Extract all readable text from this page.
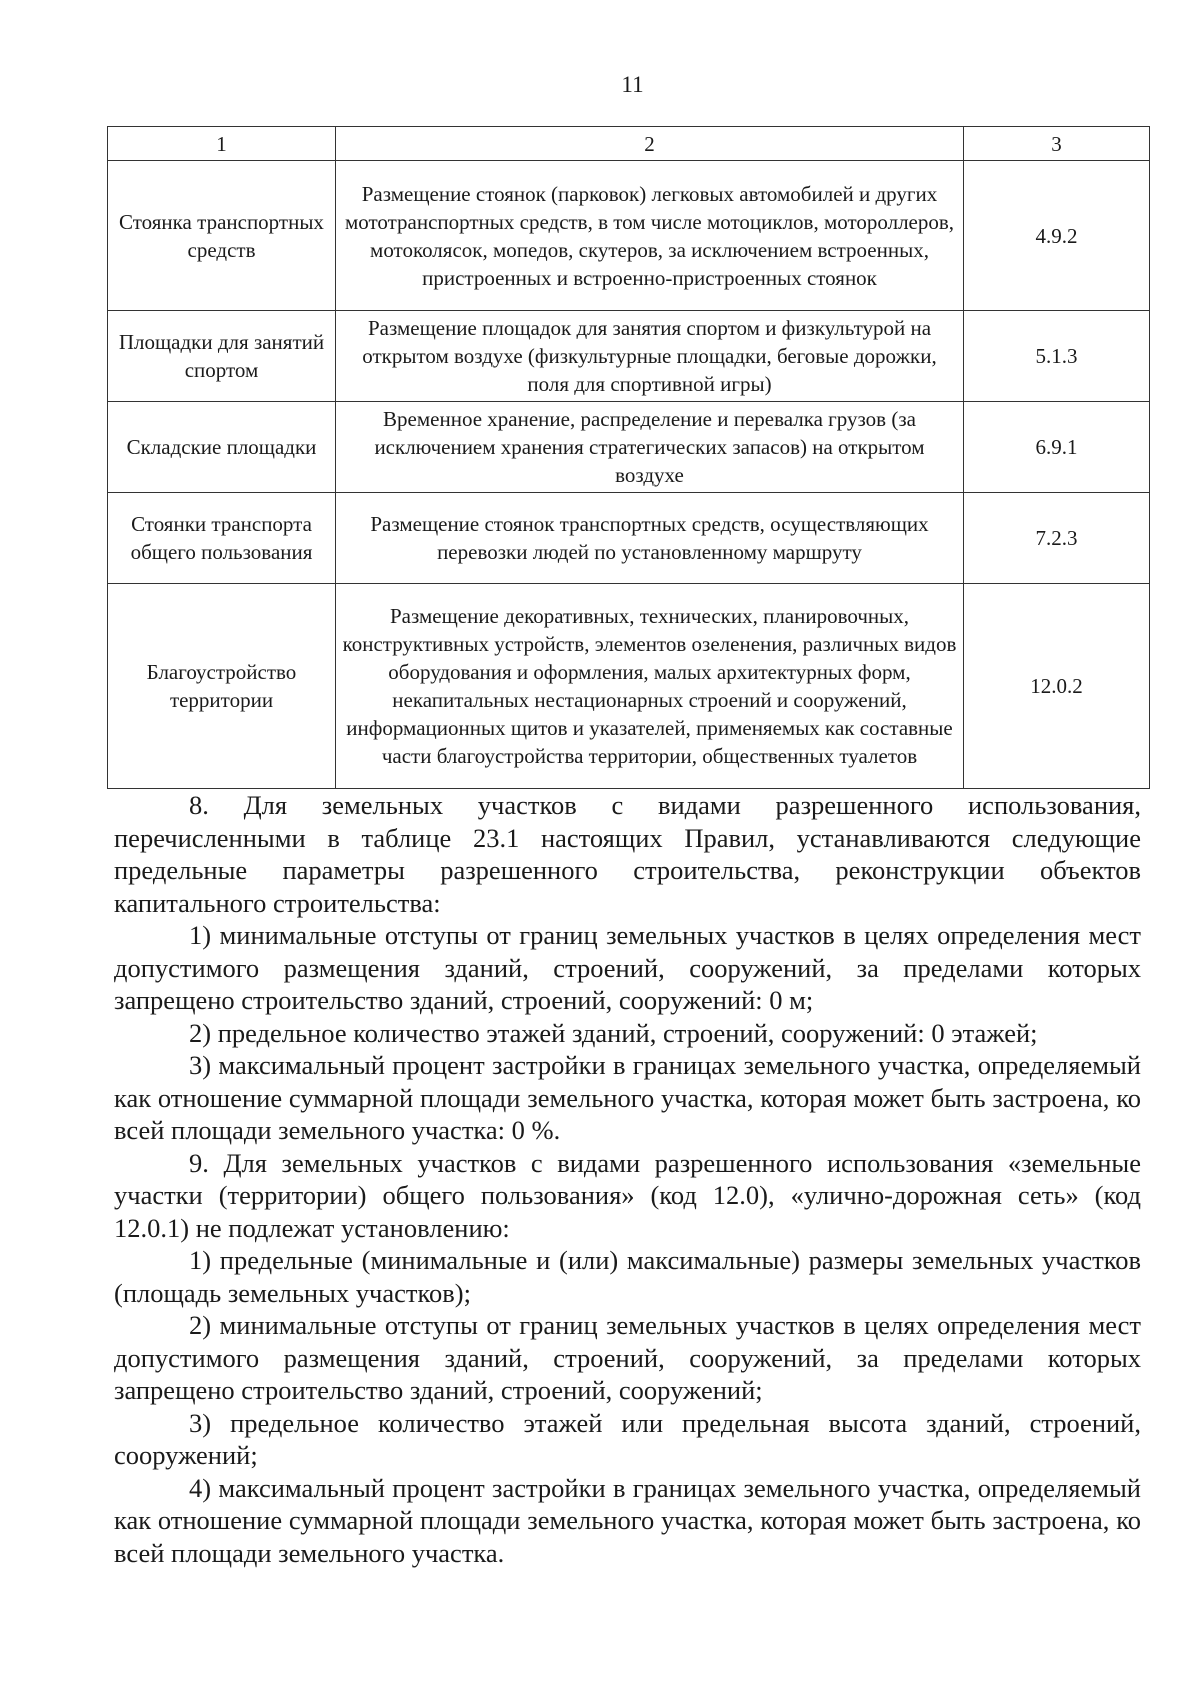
11
1	2	3
Стоянка транспортных средств	Размещение стоянок (парковок) легковых автомобилей и других мототранспортных средств, в том числе мотоциклов, мотороллеров, мотоколясок, мопедов, скутеров, за исключением встроенных, пристроенных и встроенно-пристроенных стоянок	4.9.2
Площадки для занятий спортом	Размещение площадок для занятия спортом и физкультурой на открытом воздухе (физкультурные площадки, беговые дорожки, поля для спортивной игры)	5.1.3
Складские площадки	Временное хранение, распределение и перевалка грузов (за исключением хранения стратегических запасов) на открытом воздухе	6.9.1
Стоянки транспорта общего пользования	Размещение стоянок транспортных средств, осуществляющих перевозки людей по установленному маршруту	7.2.3
Благоустройство территории	Размещение декоративных, технических, планировочных, конструктивных устройств, элементов озеленения, различных видов оборудования и оформления, малых архитектурных форм, некапитальных нестационарных строений и сооружений, информационных щитов и указателей, применяемых как составные части благоустройства территории, общественных туалетов	12.0.2

8. Для земельных участков с видами разрешенного использования, перечисленными в таблице 23.1 настоящих Правил, устанавливаются следующие предельные параметры разрешенного строительства, реконструкции объектов капитального строительства:

1) минимальные отступы от границ земельных участков в целях определения мест допустимого размещения зданий, строений, сооружений, за пределами которых запрещено строительство зданий, строений, сооружений: 0 м;

2) предельное количество этажей зданий, строений, сооружений: 0 этажей;

3) максимальный процент застройки в границах земельного участка, определяемый как отношение суммарной площади земельного участка, которая может быть застроена, ко всей площади земельного участка: 0 %.

9. Для земельных участков с видами разрешенного использования «земельные участки (территории) общего пользования» (код 12.0), «улично-дорожная сеть» (код 12.0.1) не подлежат установлению:

1) предельные (минимальные и (или) максимальные) размеры земельных участков (площадь земельных участков);

2) минимальные отступы от границ земельных участков в целях определения мест допустимого размещения зданий, строений, сооружений, за пределами которых запрещено строительство зданий, строений, сооружений;

3) предельное количество этажей или предельная высота зданий, строений, сооружений;

4) максимальный процент застройки в границах земельного участка, определяемый как отношение суммарной площади земельного участка, которая может быть застроена, ко всей площади земельного участка.
